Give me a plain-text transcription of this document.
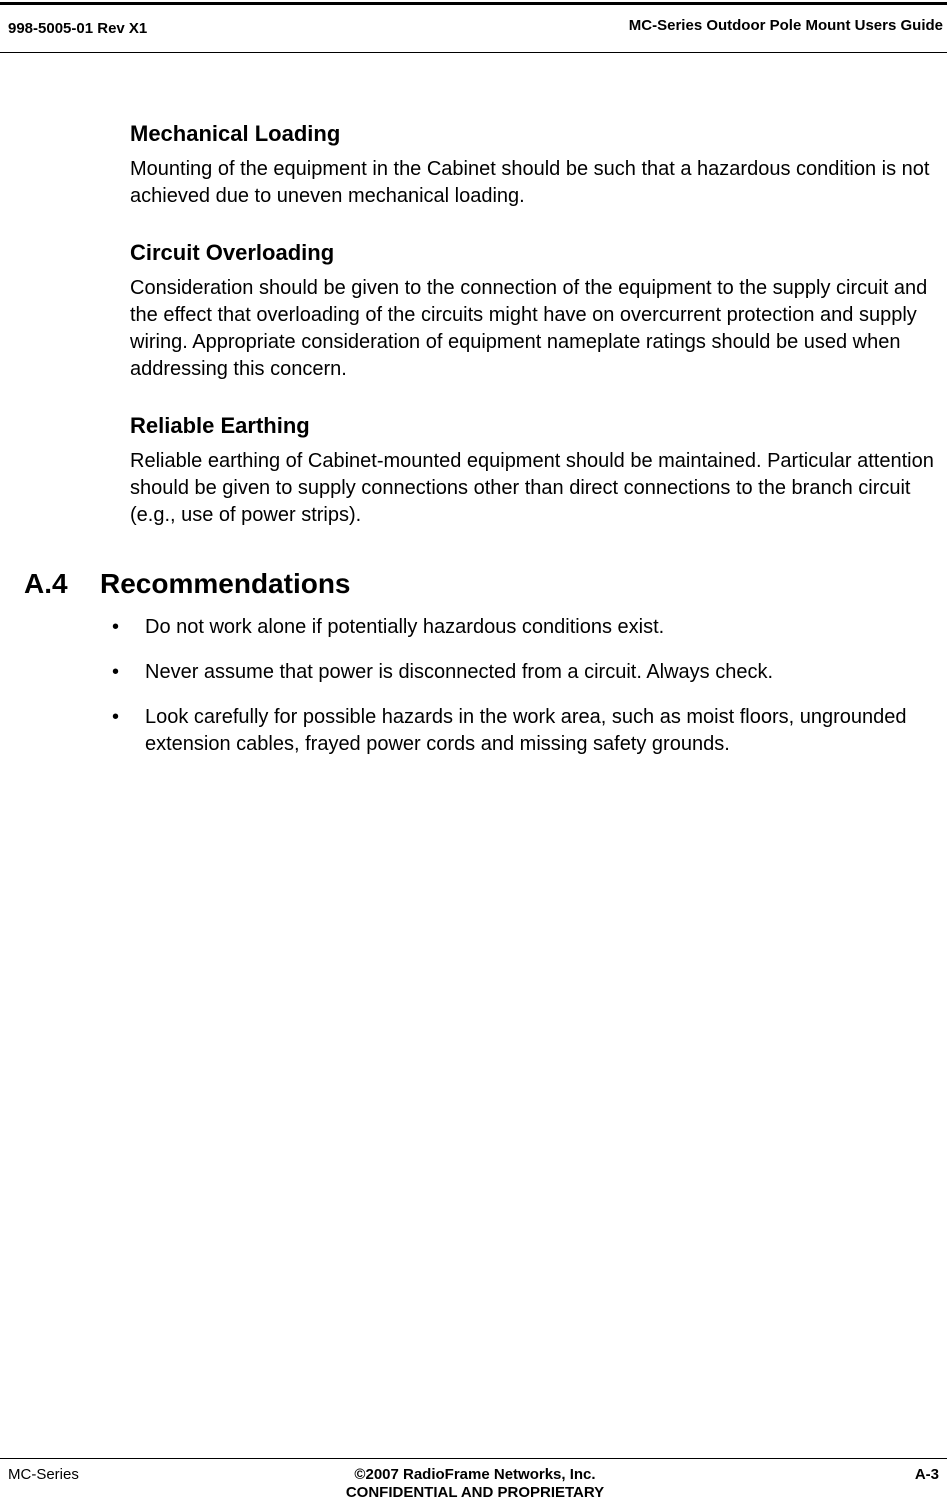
998-5005-01 Rev X1	MC-Series Outdoor Pole Mount Users Guide
Mechanical Loading

Mounting of the equipment in the Cabinet should be such that a hazardous condition is not achieved due to uneven mechanical loading.

Circuit Overloading

Consideration should be given to the connection of the equipment to the supply circuit and the effect that overloading of the circuits might have on overcurrent protection and supply wiring. Appropriate consideration of equipment nameplate ratings should be used when addressing this concern.

Reliable Earthing

Reliable earthing of Cabinet-mounted equipment should be maintained. Particular attention should be given to supply connections other than direct connections to the branch circuit (e.g., use of power strips).

A.4 Recommendations
• Do not work alone if potentially hazardous conditions exist.
• Never assume that power is disconnected from a circuit. Always check.
• Look carefully for possible hazards in the work area, such as moist floors, ungrounded extension cables, frayed power cords and missing safety grounds.
MC-Series	©2007 RadioFrame Networks, Inc.
CONFIDENTIAL AND PROPRIETARY
A-3
